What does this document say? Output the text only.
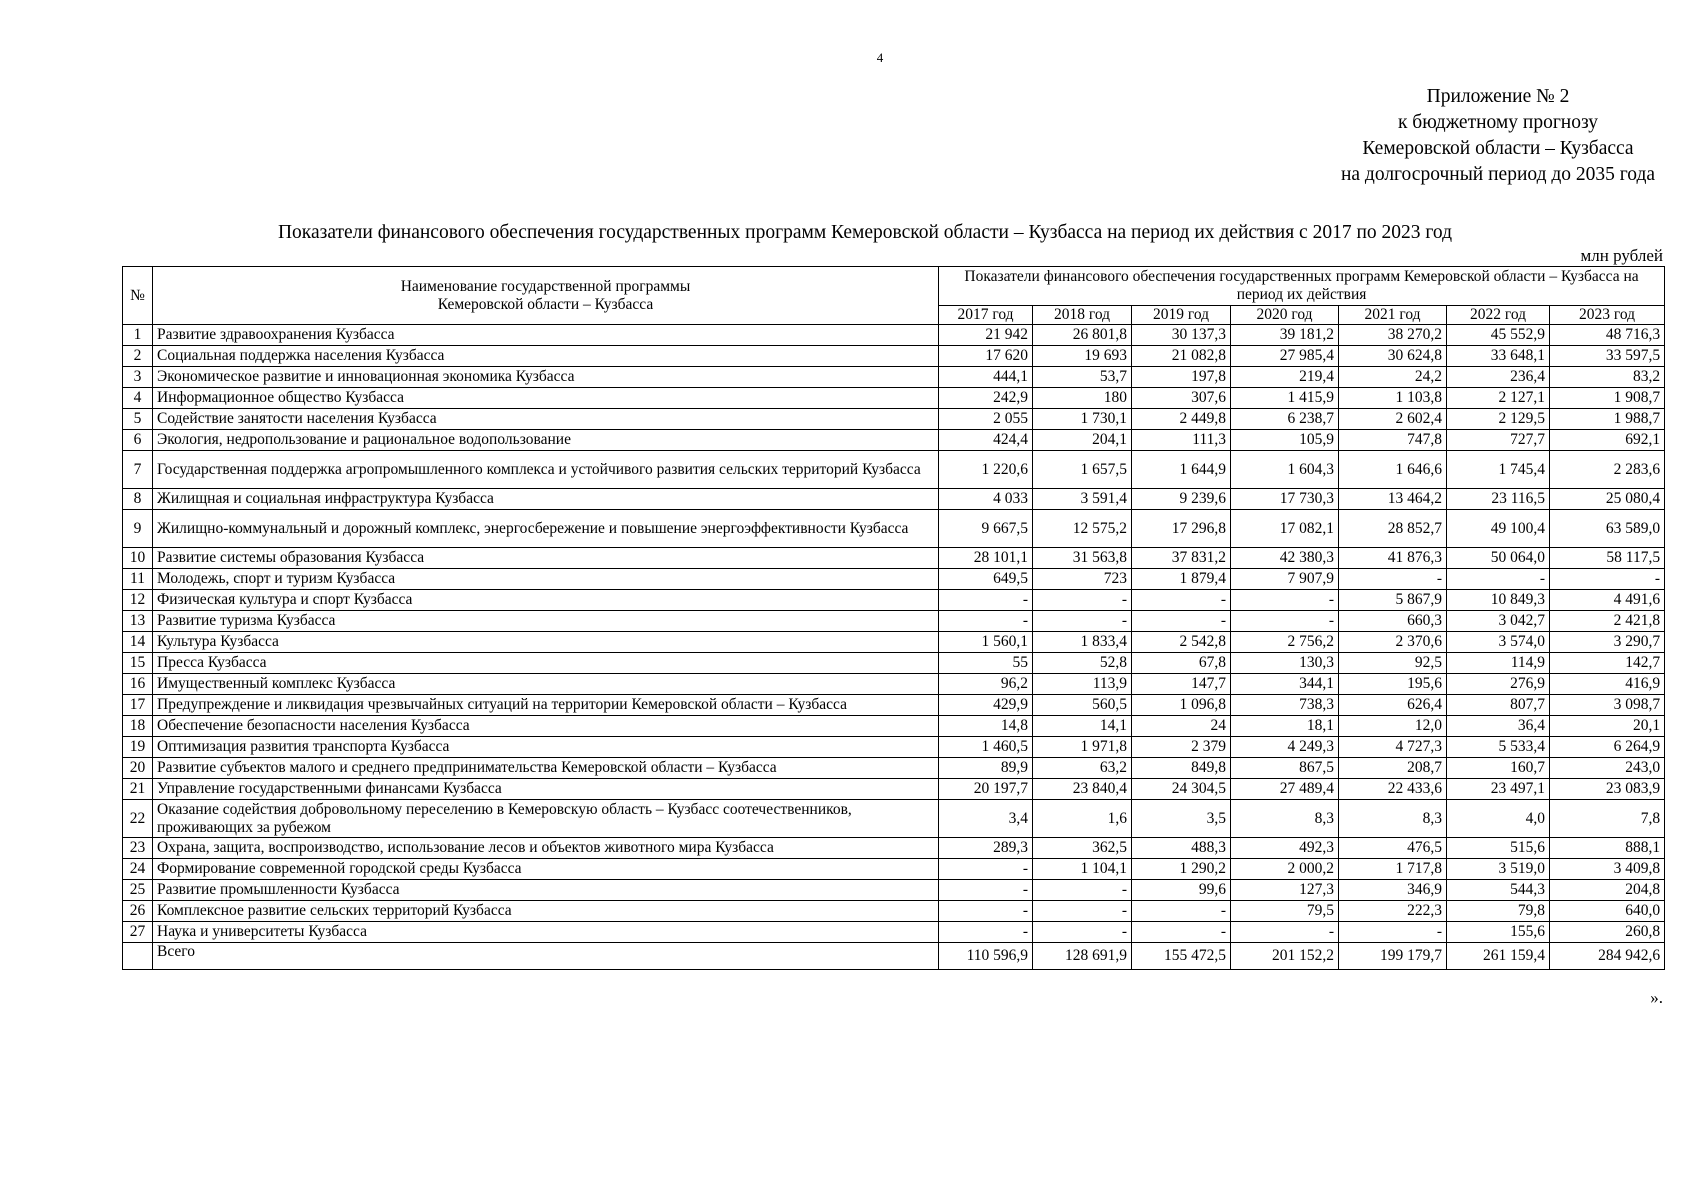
4
Приложение № 2
к бюджетному прогнозу
Кемеровской области – Кузбасса
на долгосрочный период до 2035 года
Показатели финансового обеспечения государственных программ Кемеровской области – Кузбасса на период их действия с 2017 по 2023 год
млн рублей
№	Наименование государственной программы Кемеровской области – Кузбасса	Показатели финансового обеспечения государственных программ Кемеровской области – Кузбасса на период их действия						
		2017 год	2018 год	2019 год	2020 год	2021 год	2022 год	2023 год
1	Развитие здравоохранения Кузбасса	21 942	26 801,8	30 137,3	39 181,2	38 270,2	45 552,9	48 716,3
2	Социальная поддержка населения Кузбасса	17 620	19 693	21 082,8	27 985,4	30 624,8	33 648,1	33 597,5
3	Экономическое развитие и инновационная экономика Кузбасса	444,1	53,7	197,8	219,4	24,2	236,4	83,2
4	Информационное общество Кузбасса	242,9	180	307,6	1 415,9	1 103,8	2 127,1	1 908,7
5	Содействие занятости населения Кузбасса	2 055	1 730,1	2 449,8	6 238,7	2 602,4	2 129,5	1 988,7
6	Экология, недропользование и рациональное водопользование	424,4	204,1	111,3	105,9	747,8	727,7	692,1
7	Государственная поддержка агропромышленного комплекса и устойчивого развития сельских территорий Кузбасса	1 220,6	1 657,5	1 644,9	1 604,3	1 646,6	1 745,4	2 283,6
8	Жилищная и социальная инфраструктура Кузбасса	4 033	3 591,4	9 239,6	17 730,3	13 464,2	23 116,5	25 080,4
9	Жилищно-коммунальный и дорожный комплекс, энергосбережение и повышение энергоэффективности Кузбасса	9 667,5	12 575,2	17 296,8	17 082,1	28 852,7	49 100,4	63 589,0
10	Развитие системы образования Кузбасса	28 101,1	31 563,8	37 831,2	42 380,3	41 876,3	50 064,0	58 117,5
11	Молодежь, спорт и туризм Кузбасса	649,5	723	1 879,4	7 907,9	-	-	-
12	Физическая культура и спорт Кузбасса	-	-	-	-	5 867,9	10 849,3	4 491,6
13	Развитие туризма Кузбасса	-	-	-	-	660,3	3 042,7	2 421,8
14	Культура Кузбасса	1 560,1	1 833,4	2 542,8	2 756,2	2 370,6	3 574,0	3 290,7
15	Пресса Кузбасса	55	52,8	67,8	130,3	92,5	114,9	142,7
16	Имущественный комплекс Кузбасса	96,2	113,9	147,7	344,1	195,6	276,9	416,9
17	Предупреждение и ликвидация чрезвычайных ситуаций на территории Кемеровской области – Кузбасса	429,9	560,5	1 096,8	738,3	626,4	807,7	3 098,7
18	Обеспечение безопасности населения Кузбасса	14,8	14,1	24	18,1	12,0	36,4	20,1
19	Оптимизация развития транспорта Кузбасса	1 460,5	1 971,8	2 379	4 249,3	4 727,3	5 533,4	6 264,9
20	Развитие субъектов малого и среднего предпринимательства Кемеровской области – Кузбасса	89,9	63,2	849,8	867,5	208,7	160,7	243,0
21	Управление государственными финансами Кузбасса	20 197,7	23 840,4	24 304,5	27 489,4	22 433,6	23 497,1	23 083,9
22	Оказание содействия добровольному переселению в Кемеровскую область – Кузбасс соотечественников, проживающих за рубежом	3,4	1,6	3,5	8,3	8,3	4,0	7,8
23	Охрана, защита, воспроизводство, использование лесов и объектов животного мира Кузбасса	289,3	362,5	488,3	492,3	476,5	515,6	888,1
24	Формирование современной городской среды Кузбасса	-	1 104,1	1 290,2	2 000,2	1 717,8	3 519,0	3 409,8
25	Развитие промышленности Кузбасса	-	-	99,6	127,3	346,9	544,3	204,8
26	Комплексное развитие сельских территорий Кузбасса	-	-	-	79,5	222,3	79,8	640,0
27	Наука и университеты Кузбасса	-	-	-	-	-	155,6	260,8
	Всего	110 596,9	128 691,9	155 472,5	201 152,2	199 179,7	261 159,4	284 942,6
».
